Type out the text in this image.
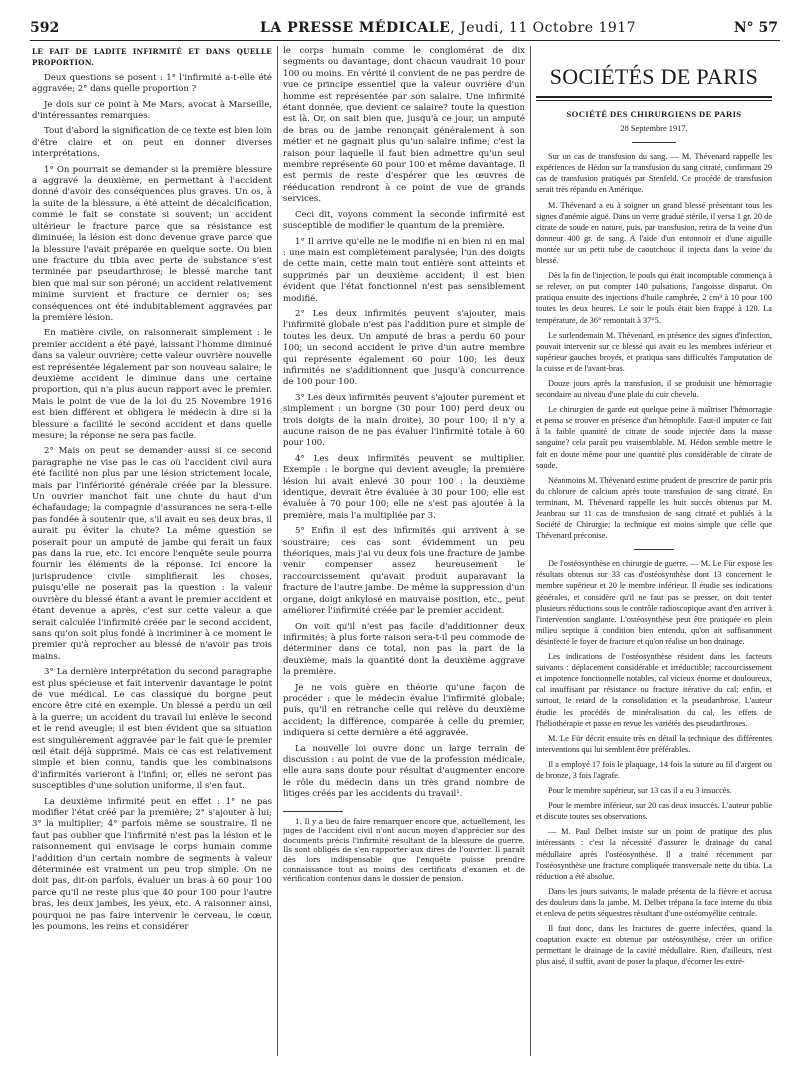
592	LA PRESSE MÉDICALE, Jeudi, 11 Octobre 1917	N° 57

LE FAIT DE LADITE INFIRMITÉ ET DANS QUELLE PROPORTION.

Deux questions se posent : 1° l'infirmité a-t-elle été aggravée; 2° dans quelle proportion ?

Je dois sur ce point à Me Mars, avocat à Marseille, d'intéressantes remarques.

Tout d'abord la signification de ce texte est bien loin d'être claire et on peut en donner diverses interprétations.

1° On pourrait se demander si la première blessure a aggravé la deuxième, en permettant à l'accident donné d'avoir des conséquences plus graves. Un os, à la suite de la blessure, a été atteint de décalcification, comme le fait se constate si souvent; un accident ultérieur le fracture parce que sa résistance est diminuée; la lésion est donc devenue grave parce que la blessure l'avait préparée en quelque sorte. Ou bien une fracture du tibia avec perte de substance s'est terminée par pseudarthrose; le blessé marche tant bien que mal sur son péroné; un accident relativement minime survient et fracture ce dernier os; ses conséquences ont été indubitablement aggravées par la première lésion.

En matière civile, on raisonnerait simplement : le premier accident a été payé, laissant l'homme diminué dans sa valeur ouvrière; cette valeur ouvrière nouvelle est représentée légalement par son nouveau salaire; le deuxième accident le diminue dans une certaine proportion, qui n'a plus aucun rapport avec le premier. Mais le point de vue de la loi du 25 Novembre 1916 est bien différent et obligera le médecin à dire si la blessure a facilité le second accident et dans quelle mesure; la réponse ne sera pas facile.

2° Mais on peut se demander aussi si ce second paragraphe ne vise pas le cas où l'accident civil aura été facilité non plus par une lésion strictement locale, mais par l'infériorité générale créée par la blessure. Un ouvrier manchot fait une chute du haut d'un échafaudage; la compagnie d'assurances ne sera-t-elle pas fondée à soutenir que, s'il avait eu ses deux bras, il aurait pu éviter la chute? La même question se poserait pour un amputé de jambe qui ferait un faux pas dans la rue, etc. Ici encore l'enquête seule pourra fournir les éléments de la réponse. Ici encore la jurisprudence civile simplifierait les choses, puisqu'elle ne poserait pas la question : la valeur ouvrière du blessé étant a avant le premier accident et étant devenue a après, c'est sur cette valeur a que serait calculée l'infirmité créée par le second accident, sans qu'on soit plus fondé à incriminer à ce moment le premier qu'à reprocher au blessé de n'avoir pas trois mains.

3° La dernière interprétation du second paragraphe est plus spécieuse et fait intervenir davantage le point de vue médical. Le cas classique du borgne peut encore être cité en exemple. Un blessé a perdu un œil à la guerre; un accident du travail lui enlève le second et le rend aveugle; il est bien évident que sa situation est singulièrement aggravée par le fait que le premier œil était déjà supprimé. Mais ce cas est relativement simple et bien connu, tandis que les combinaisons d'infirmités varieront à l'infini; or, elles ne seront pas susceptibles d'une solution uniforme, il s'en faut.

La deuxième infirmité peut en effet : 1° ne pas modifier l'état créé par la première; 2° s'ajouter à lui; 3° la multiplier; 4° parfois même se soustraire. Il ne faut pas oublier que l'infirmité n'est pas la lésion et le raisonnement qui envisage le corps humain comme l'addition d'un certain nombre de segments à valeur déterminée est vraiment un peu trop simple. On ne doit pas, dit-on parfois, évaluer un bras à 60 pour 100 parce qu'il ne reste plus que 40 pour 100 pour l'autre bras, les deux jambes, les yeux, etc. A raisonner ainsi, pourquoi ne pas faire intervenir le cerveau, le cœur, les poumons, les reins et considérer

le corps humain comme le conglomérat de dix segments ou davantage, dont chacun vaudrait 10 pour 100 ou moins. En vérité il convient de ne pas perdre de vue ce principe essentiel que la valeur ouvrière d'un homme est représentée par son salaire. Une infirmité étant donnée, que devient ce salaire? toute la question est là. Or, on sait bien que, jusqu'à ce jour, un amputé de bras ou de jambe renonçait généralement à son métier et ne gagnait plus qu'un salaire infime; c'est la raison pour laquelle il faut bien admettre qu'un seul membre représente 60 pour 100 et même davantage. Il est permis de reste d'espérer que les œuvres de rééducation rendront à ce point de vue de grands services.

Ceci dit, voyons comment la seconde infirmité est susceptible de modifier le quantum de la première.

1° Il arrive qu'elle ne le modifie ni en bien ni en mal : une main est complètement paralysée; l'un des doigts de cette main, cette main tout entière sont atteints et supprimés par un deuxième accident; il est bien évident que l'état fonctionnel n'est pas sensiblement modifié.

2° Les deux infirmités peuvent s'ajouter, mais l'infirmité globale n'est pas l'addition pure et simple de toutes les deux. Un amputé de bras a perdu 60 pour 100; un second accident le prive d'un autre membre qui représente également 60 pour 100; les deux infirmités ne s'additionnent que jusqu'à concurrence de 100 pour 100.

3° Les deux infirmités peuvent s'ajouter purement et simplement : un borgne (30 pour 100) perd deux ou trois doigts de la main droite), 30 pour 100; il n'y a aucune raison de ne pas évaluer l'infirmité totale à 60 pour 100.

4° Les deux infirmités peuvent se multiplier. Exemple : le borgne qui devient aveugle; la première lésion lui avait enlevé 30 pour 100 : la deuxième identique, devrait être évaluée à 30 pour 100; elle est évaluée à 70 pour 100; elle ne s'est pas ajoutée à la première, mais l'a multipliée par 3.

5° Enfin il est des infirmités qui arrivent à se soustraire; ces cas sont évidemment un peu théoriques, mais j'ai vu deux fois une fracture de jambe venir compenser assez heureusement le raccourcissement qu'avait produit auparavant la fracture de l'autre jambe. De même la suppression d'un organe, doigt ankylosé en mauvaise position, etc., peut améliorer l'infirmité créée par le premier accident.

On voit qu'il n'est pas facile d'additionner deux infirmités; à plus forte raison sera-t-il peu commode de déterminer dans ce total, non pas la part de la deuxième, mais la quantité dont la deuxième aggrave la première.

Je ne vois guère en théorie qu'une façon de procéder : que le médecin évalue l'infirmité globale; puis, qu'il en retranche celle qui relève du deuxième accident; la différence, comparée à celle du premier, indiquera si cette dernière a été aggravée.

La nouvelle loi ouvre donc un large terrain de discussion : au point de vue de la profession médicale, elle aura sans doute pour résultat d'augmenter encore le rôle du médecin dans un très grand nombre de litiges créés par les accidents du travail¹.

1. Il y a lieu de faire remarquer encore que, actuellement, les juges de l'accident civil n'ont aucun moyen d'apprécier sur des documents précis l'infirmité résultant de la blessure de guerre. Ils sont obligés de s'en rapporter aux dires de l'ouvrier. Il paraît dès lors indispensable que l'enquête puisse prendre connaissance tout au moins des certificats d'examen et de vérification contenus dans le dossier de pension.

SOCIÉTÉS DE PARIS
SOCIÉTÉ DES CHIRURGIENS DE PARIS
28 Septembre 1917.

Sur un cas de transfusion du sang. — M. Thévenard rappelle les expériences de Hédon sur la transfusion du sang citraté, confirmant 29 cas de transfusion pratiqués par Stenfeld. Ce procédé de transfusion serait très répandu en Amérique.

M. Thévenard a eu à soigner un grand blessé présentant tous les signes d'anémie aiguë. Dans un verre gradué stérile, il versa 1 gr. 20 de citrate de soude en nature, puis, par transfusion, retira de la veine d'un donneur 400 gr. de sang. A l'aide d'un entonnoir et d'une aiguille montée sur un petit tube de caoutchouc il injecta dans la veine du blessé.

Dès la fin de l'injection, le pouls qui était incomptable commença à se relever, on put compter 140 pulsations, l'angoisse disparut. On pratiqua ensuite des injections d'huile camphrée, 2 cm³ à 10 pour 100 toutes les deux heures. Le soir le pouls était bien frappé à 120. La température, de 36° remontait à 37°5.

Le surlendemain M. Thévenard, en présence des signes d'infection, pouvait intervenir sur ce blessé qui avait eu les membres inférieur et supérieur gauches broyés, et pratiqua sans difficultés l'amputation de la cuisse et de l'avant-bras.

Douze jours après la transfusion, il se produisit une hémorragie secondaire au niveau d'une plaie du cuir chevelu.

Le chirurgien de garde eut quelque peine à maîtriser l'hémorragie et pensa se trouver en présence d'un hémophile. Faut-il imputer ce fait à la faible quantité de citrate de soude injectée dans la masse sanguine? cela paraît peu vraisemblable. M. Hédon semble mettre le fait en doute même pour une quantité plus considérable de citrate de soude.

Néanmoins M. Thévenard estime prudent de prescrire de partir pris du chlorure de calcium après toute transfusion de sang citraté. En terminant, M. Thévenard rappelle les huit succès obtenus par M. Jeanbrau sur 11 cas de transfusion de sang citraté et publiés à la Société de Chirurgie; la technique est moins simple que celle que Thévenard préconise.

De l'ostéosynthèse en chirurgie de guerre. — M. Le Für expose les résultats obtenus sur 33 cas d'ostéosynthèse dont 13 concernent le membre supérieur et 20 le membre inférieur. Il étudie ses indications générales, et considère qu'il ne faut pas se presser, on doit tenter plusieurs réductions sous le contrôle radioscopique avant d'en arriver à l'intervention sanglante. L'ostéosynthèse peut être pratiquée en plein milieu septique à condition bien entendu, qu'on ait suffisamment désinfecté le foyer de fracture et qu'on réalise un bon drainage.

Les indications de l'ostéosynthèse résident dans les facteurs suivants : déplacement considérable et irréductible; raccourcissement et impotence fonctionnelle notables, cal vicieux énorme et douloureux, cal insuffisant par résistance ou fracture itérative du cal; enfin, et surtout, le retard de la consolidation et la pseudarthrose. L'auteur étudie les procédés de minéralisation du cal, les effets de l'héliothérapie et passe en revue les variétés des pseudarthroses.

M. Le Für décrit ensuite très en détail la technique des différentes interventions qui lui semblent être préférables.

Il a employé 17 fois le plaquage, 14 fois la suture au fil d'argent ou de bronze, 3 fois l'agrafe.

Pour le membre supérieur, sur 13 cas il a eu 3 insuccès.

Pour le membre inférieur, sur 20 cas deux insuccès. L'auteur publie et discute toutes ses observations.

— M. Paul Delbet insiste sur un point de pratique des plus intéressants : c'est la nécessité d'assurer le drainage du canal médullaire après l'ostéosynthèse. Il a traité récemment par l'ostéosynthèse une fracture compliquée transversale nette du tibia. La réduction a été absolue.

Dans les jours suivants, le malade présenta de la fièvre et accusa des douleurs dans la jambe. M. Delbet trépana la face interne du tibia et enleva de petits séquestres résultant d'une ostéomyélite centrale.

Il faut donc, dans les fractures de guerre infectées, quand la coaptation exacte est obtenue par ostéosynthèse, créer un orifice permettant le drainage de la cavité médullaire. Rien, d'ailleurs, n'est plus aisé, il suffit, avant de poser la plaque, d'écorner les extré-
